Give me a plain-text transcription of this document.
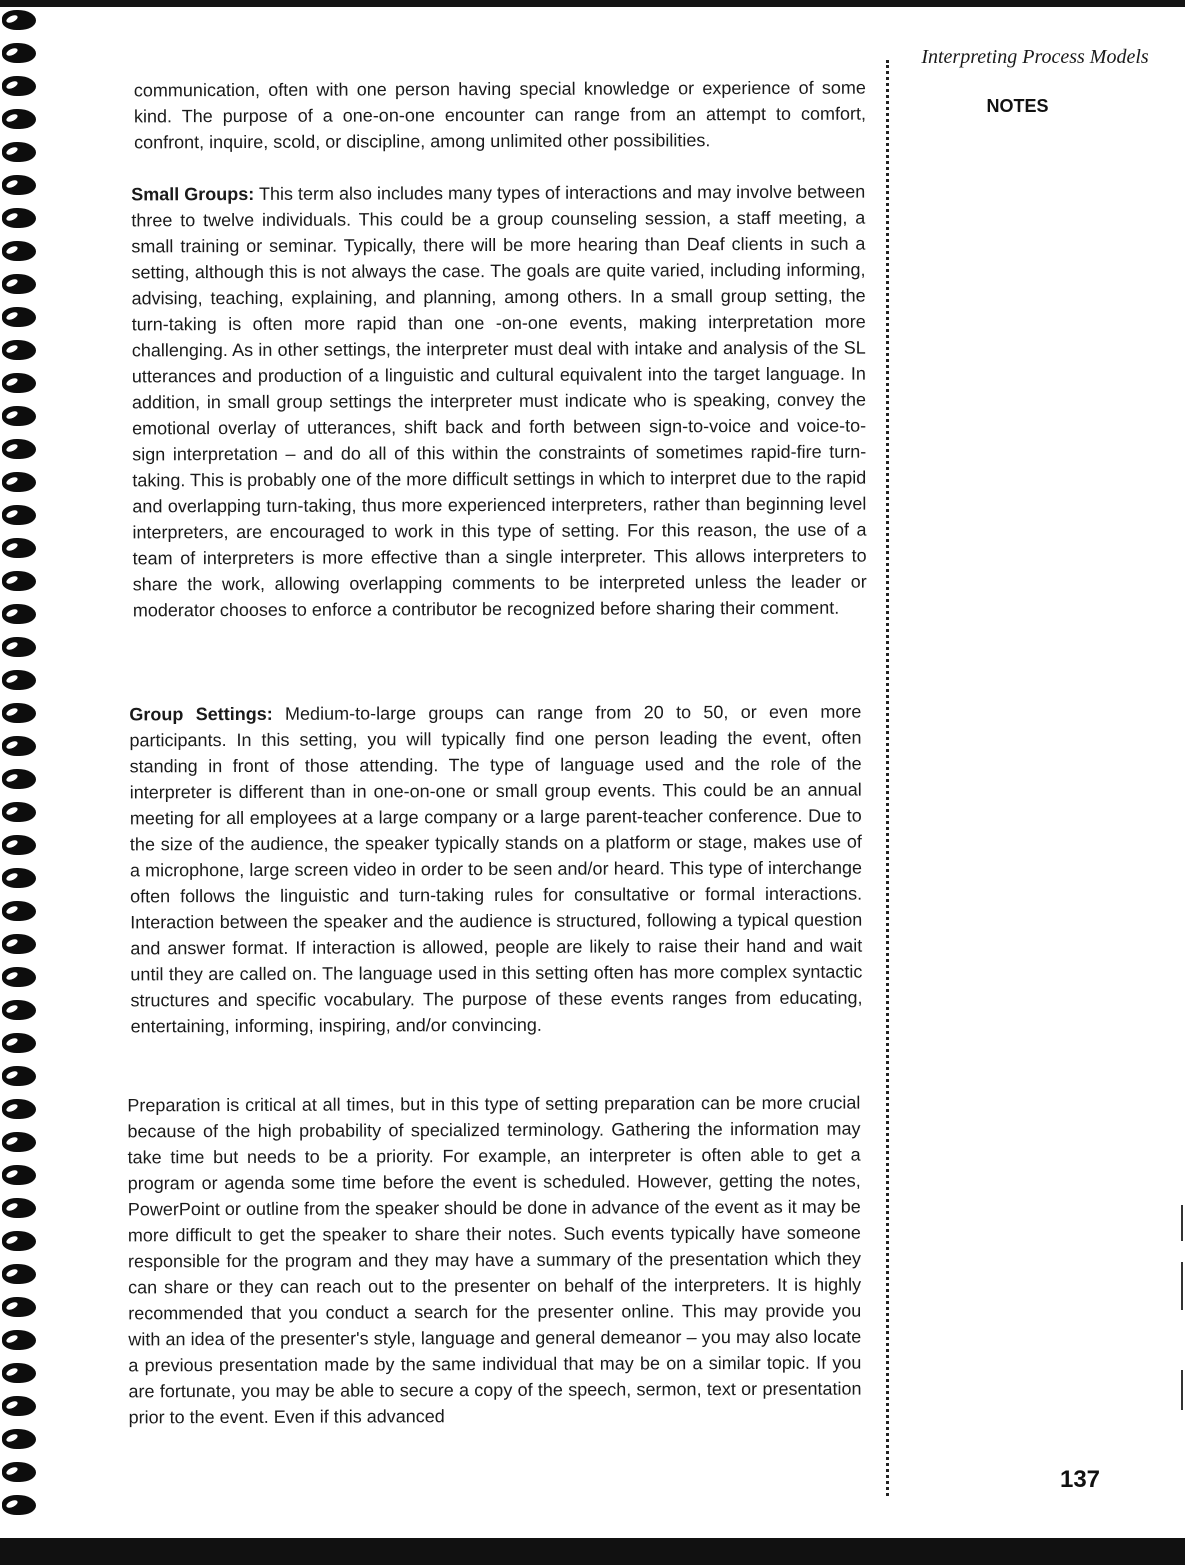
Interpreting Process Models
NOTES

communication, often with one person having special knowledge or experience of some kind. The purpose of a one-on-one encounter can range from an attempt to comfort, confront, inquire, scold, or discipline, among unlimited other possibilities.

Small Groups: This term also includes many types of interactions and may involve between three to twelve individuals. This could be a group counseling session, a staff meeting, a small training or seminar. Typically, there will be more hearing than Deaf clients in such a setting, although this is not always the case. The goals are quite varied, including informing, advising, teaching, explaining, and planning, among others. In a small group setting, the turn-taking is often more rapid than one -on-one events, making interpretation more challenging. As in other settings, the interpreter must deal with intake and analysis of the SL utterances and production of a linguistic and cultural equivalent into the target language. In addition, in small group settings the interpreter must indicate who is speaking, convey the emotional overlay of utterances, shift back and forth between sign-to-voice and voice-to-sign interpretation – and do all of this within the constraints of sometimes rapid-fire turn-taking. This is probably one of the more difficult settings in which to interpret due to the rapid and overlapping turn-taking, thus more experienced interpreters, rather than beginning level interpreters, are encouraged to work in this type of setting. For this reason, the use of a team of interpreters is more effective than a single interpreter. This allows interpreters to share the work, allowing overlapping comments to be interpreted unless the leader or moderator chooses to enforce a contributor be recognized before sharing their comment.

Group Settings: Medium-to-large groups can range from 20 to 50, or even more participants. In this setting, you will typically find one person leading the event, often standing in front of those attending. The type of language used and the role of the interpreter is different than in one-on-one or small group events. This could be an annual meeting for all employees at a large company or a large parent-teacher conference. Due to the size of the audience, the speaker typically stands on a platform or stage, makes use of a microphone, large screen video in order to be seen and/or heard. This type of interchange often follows the linguistic and turn-taking rules for consultative or formal interactions. Interaction between the speaker and the audience is structured, following a typical question and answer format. If interaction is allowed, people are likely to raise their hand and wait until they are called on. The language used in this setting often has more complex syntactic structures and specific vocabulary. The purpose of these events ranges from educating, entertaining, informing, inspiring, and/or convincing.

Preparation is critical at all times, but in this type of setting preparation can be more crucial because of the high probability of specialized terminology. Gathering the information may take time but needs to be a priority. For example, an interpreter is often able to get a program or agenda some time before the event is scheduled. However, getting the notes, PowerPoint or outline from the speaker should be done in advance of the event as it may be more difficult to get the speaker to share their notes. Such events typically have someone responsible for the program and they may have a summary of the presentation which they can share or they can reach out to the presenter on behalf of the interpreters. It is highly recommended that you conduct a search for the presenter online. This may provide you with an idea of the presenter's style, language and general demeanor – you may also locate a previous presentation made by the same individual that may be on a similar topic. If you are fortunate, you may be able to secure a copy of the speech, sermon, text or presentation prior to the event. Even if this advanced

137
